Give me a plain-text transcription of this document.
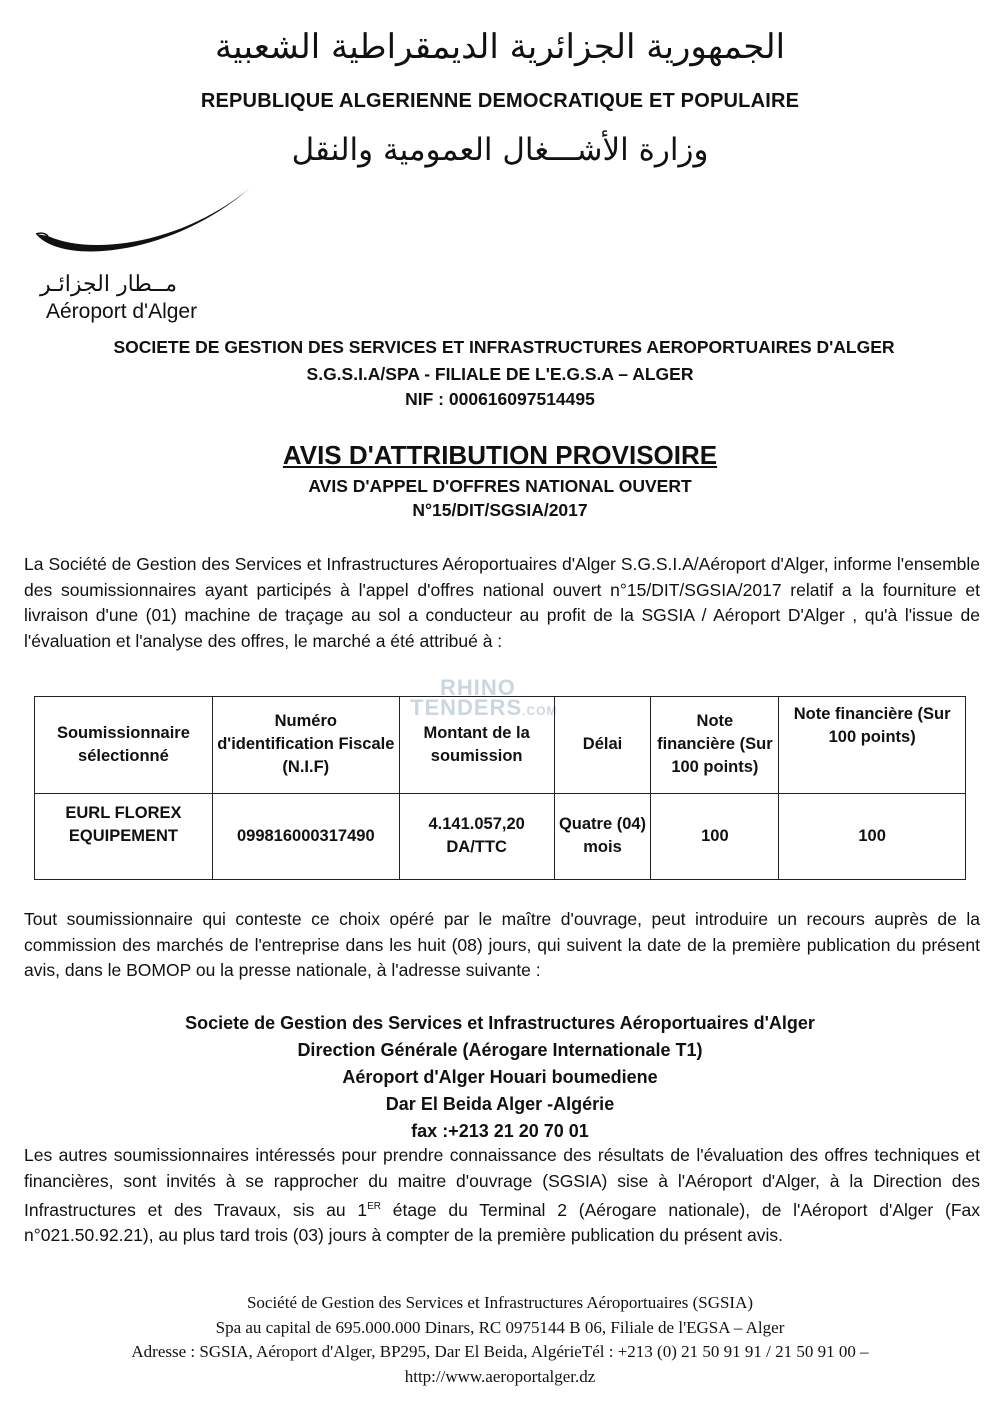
الجمهورية الجزائرية الديمقراطية الشعبية
REPUBLIQUE ALGERIENNE DEMOCRATIQUE ET POPULAIRE
وزارة الأشـــغال العمومية والنقل
مــطار الجزائـر
Aéroport d'Alger
SOCIETE DE GESTION DES SERVICES ET INFRASTRUCTURES AEROPORTUAIRES D'ALGER
S.G.S.I.A/SPA - FILIALE DE L'E.G.S.A – ALGER
NIF : 000616097514495
AVIS D'ATTRIBUTION PROVISOIRE
AVIS D'APPEL D'OFFRES NATIONAL OUVERT
N°15/DIT/SGSIA/2017
La Société de Gestion des Services et Infrastructures Aéroportuaires d'Alger S.G.S.I.A/Aéroport d'Alger, informe l'ensemble des soumissionnaires ayant participés à l'appel d'offres national ouvert n°15/DIT/SGSIA/2017 relatif a la fourniture et livraison d'une (01) machine de traçage au sol a conducteur au profit de la SGSIA / Aéroport D'Alger , qu'à l'issue de l'évaluation et l'analyse des offres, le marché a été attribué à :
RHINO
TENDERS.COM
Soumissionnaire sélectionné	Numéro d'identification Fiscale (N.I.F)	Montant de la soumission	Délai	Note financière (Sur 100 points)	Note financière (Sur 100 points)
EURL FLOREX EQUIPEMENT	099816000317490	4.141.057,20 DA/TTC	Quatre (04) mois	100	100
Tout soumissionnaire qui conteste ce choix opéré par le maître d'ouvrage, peut introduire un recours auprès de la commission des marchés de l'entreprise dans les huit (08) jours, qui suivent la date de la première publication du présent avis, dans le BOMOP ou la presse nationale, à l'adresse suivante :
Societe de Gestion des Services et Infrastructures Aéroportuaires d'Alger
Direction Générale (Aérogare Internationale T1)
Aéroport d'Alger Houari boumediene
Dar El Beida Alger -Algérie
fax :+213 21 20 70 01
Les autres soumissionnaires intéressés pour prendre connaissance des résultats de l'évaluation des offres techniques et financières, sont invités à se rapprocher du maitre d'ouvrage (SGSIA) sise à l'Aéroport d'Alger, à la Direction des Infrastructures et des Travaux, sis au 1ER étage du Terminal 2 (Aérogare nationale), de l'Aéroport d'Alger (Fax n°021.50.92.21), au plus tard trois (03) jours à compter de la première publication du présent avis.
Société de Gestion des Services et Infrastructures Aéroportuaires (SGSIA)
Spa au capital de 695.000.000 Dinars, RC 0975144 B 06, Filiale de l'EGSA – Alger
Adresse : SGSIA, Aéroport d'Alger, BP295, Dar El Beida, AlgérieTél : +213 (0) 21 50 91 91 / 21 50 91 00 –
http://www.aeroportalger.dz
